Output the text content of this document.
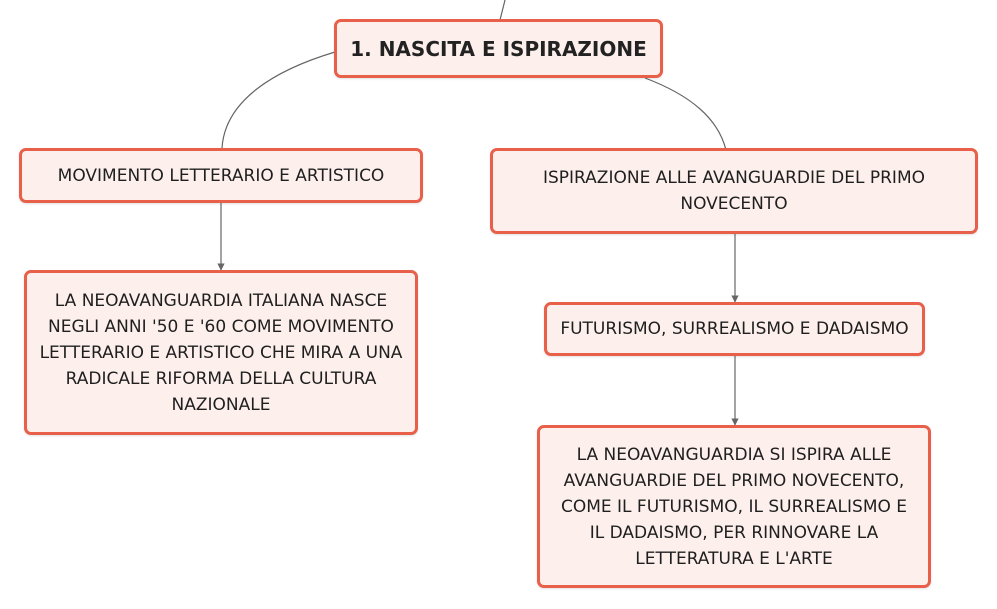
1. NASCITA E ISPIRAZIONE
MOVIMENTO LETTERARIO E ARTISTICO
LA NEOAVANGUARDIA ITALIANA NASCE NEGLI ANNI '50 E '60 COME MOVIMENTO LETTERARIO E ARTISTICO CHE MIRA A UNA RADICALE RIFORMA DELLA CULTURA NAZIONALE
ISPIRAZIONE ALLE AVANGUARDIE DEL PRIMO NOVECENTO
FUTURISMO, SURREALISMO E DADAISMO
LA NEOAVANGUARDIA SI ISPIRA ALLE AVANGUARDIE DEL PRIMO NOVECENTO, COME IL FUTURISMO, IL SURREALISMO E IL DADAISMO, PER RINNOVARE LA LETTERATURA E L'ARTE
